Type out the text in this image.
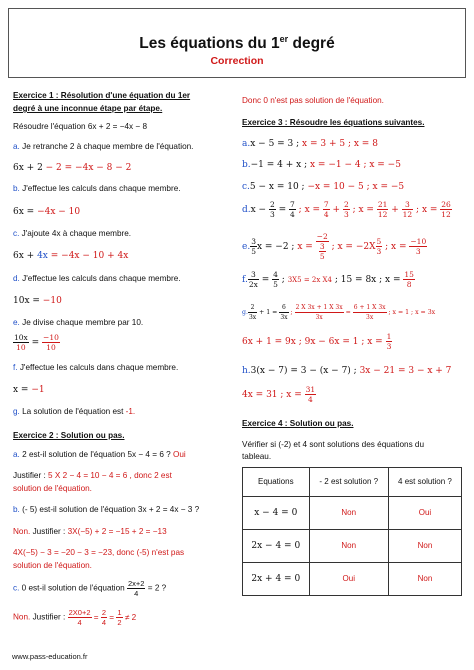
Les équations du 1er degré
Correction
Exercice 1 : Résolution d'une équation du 1er
degré à une inconnue étape par étape.
Résoudre l'équation 6x + 2 = −4x − 8
a. Je retranche 2 à chaque membre de l'équation.
6x + 2 − 2 = −4x − 8 − 2
b. J'effectue les calculs dans chaque membre.
6x = −4x − 10
c. J'ajoute 4x à chaque membre.
6x + 4x = −4x − 10 + 4x
d. J'effectue les calculs dans chaque membre.
10x = −10
e. Je divise chaque membre par 10.
$\frac{10x}{10} = \frac{-10}{10}$
f. J'effectue les calculs dans chaque membre.
x = −1
g. La solution de l'équation est -1.
Exercice 2 : Solution ou pas.
a. 2 est-il solution de l'équation 5x − 4 = 6 ? Oui
Justifier : 5 X 2 − 4 = 10 − 4 = 6 , donc 2 est
solution de l'équation.
b. (- 5) est-il solution de l'équation 3x + 2 = 4x − 3 ?
Non. Justifier : 3X(−5) + 2 = −15 + 2 = −13
4X(−5) − 3 = −20 − 3 = −23, donc (-5) n'est pas
solution de l'équation.
c. 0 est-il solution de l'équation $\frac{2x+2}{4} = 2$ ?
Non. Justifier : $\frac{2X0+2}{4} = \frac{2}{4} = \frac{1}{2} \ne 2$
Donc 0 n'est pas solution de l'équation.
Exercice 3 : Résoudre les équations suivantes.
a.x − 5 = 3 ; x = 3 + 5 ; x = 8
b.−1 = 4 + x ; x = −1 − 4 ; x = −5
c.5 − x = 10 ; −x = 10 − 5 ; x = −5
$d.x - \frac{2}{3} = \frac{7}{4}$ ; $x = \frac{7}{4} + \frac{2}{3}$ ; $x = \frac{21}{12} + \frac{3}{12}$ ; $x = \frac{26}{12}$
e. $\frac{3}{5}$ x = −2 ; $x = \frac{-2}{\frac{3}{5}}$ ; $x = -2X \frac{5}{3}$ ; $x = \frac{-10}{3}$
f. $\frac{3}{2x} = \frac{4}{5}$ ; 3X5 = 2x X4 ; 15 = 8x ; $x = \frac{15}{8}$
g. $\frac{2}{3x} + 1 = \frac{6}{3x}$ ; $\frac{2 X 3x + 1 X 3x}{3x} = \frac{6 + 1 X 3x}{3x}$ ; x = 1 ; x = 3x
6x + 1 = 9x ; 9x − 6x = 1 ; $x = \frac{1}{3}$
h.3(x − 7) = 3 − (x − 7) ; 3x − 21 = 3 − x + 7
4x = 31 ; $x = \frac{31}{4}$
Exercice 4 : Solution ou pas.
Vérifier si (-2) et 4 sont solutions des équations du
tableau.
Equations	- 2 est solution ?	4 est solution ?
x − 4 = 0	Non	Oui
2x − 4 = 0	Non	Non
2x + 4 = 0	Oui	Non
www.pass-education.fr
